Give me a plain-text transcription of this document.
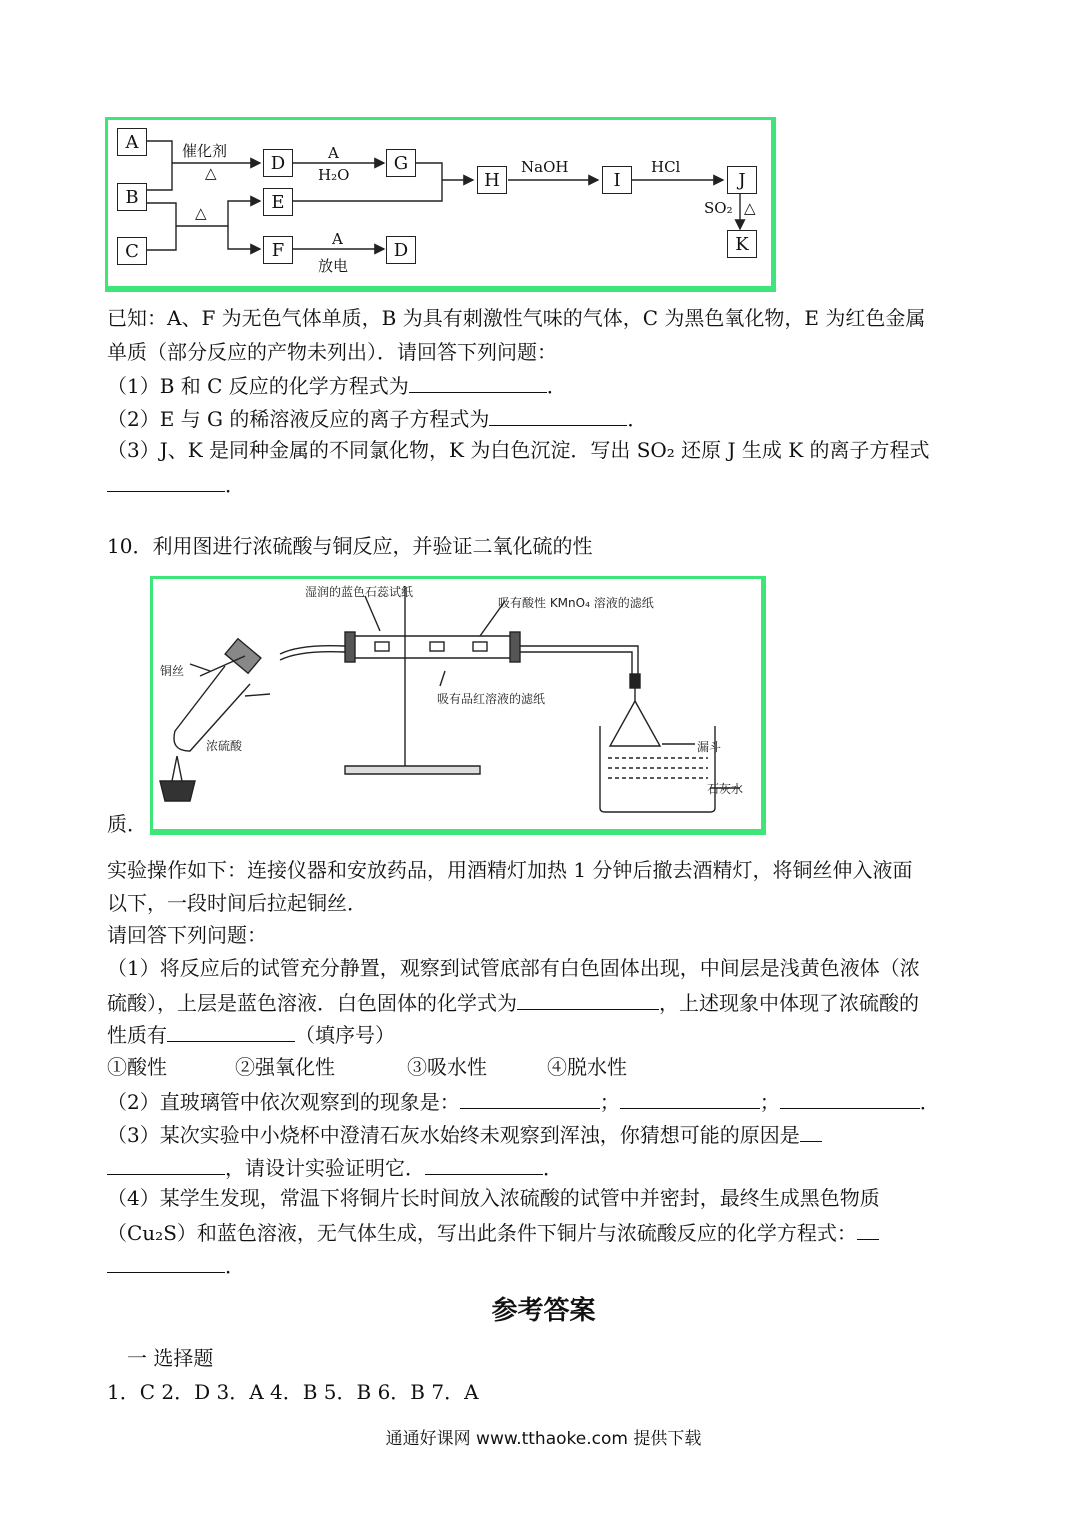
A
B
C
D	G
E
F	D
H	I	J
K
催化剂
△
A
H₂O
△
A
放电
NaOH	HCl
SO₂ △
已知：A、F 为无色气体单质，B 为具有刺激性气味的气体，C 为黑色氧化物，E 为红色金属
单质（部分反应的产物未列出）．请回答下列问题：
（1）B 和 C 反应的化学方程式为	．
（2）E 与 G 的稀溶液反应的离子方程式为	．
（3）J、K 是同种金属的不同氯化物，K 为白色沉淀．写出 SO₂ 还原 J 生成 K 的离子方程式
．
10．利用图进行浓硫酸与铜反应，并验证二氧化硫的性
湿润的蓝色石蕊试纸
吸有酸性 KMnO₄ 溶液的滤纸
吸有品红溶液的滤纸
铜丝
浓硫酸	漏斗
石灰水
质．
实验操作如下：连接仪器和安放药品，用酒精灯加热 1 分钟后撤去酒精灯，将铜丝伸入液面
以下，一段时间后拉起铜丝．
请回答下列问题：
（1）将反应后的试管充分静置，观察到试管底部有白色固体出现，中间层是浅黄色液体（浓
硫酸），上层是蓝色溶液．白色固体的化学式为	，上述现象中体现了浓硫酸的
性质有	（填序号）
①酸性	②强氧化性	③吸水性	④脱水性
（2）直玻璃管中依次观察到的现象是：	；	；	．
（3）某次实验中小烧杯中澄清石灰水始终未观察到浑浊，你猜想可能的原因是
，请设计实验证明它．	．
（4）某学生发现，常温下将铜片长时间放入浓硫酸的试管中并密封，最终生成黑色物质
（Cu₂S）和蓝色溶液，无气体生成，写出此条件下铜片与浓硫酸反应的化学方程式：
．
参考答案
一 选择题
1．C 2．D 3．A 4．B 5．B 6．B 7．A
通通好课网 www.tthaoke.com 提供下载
